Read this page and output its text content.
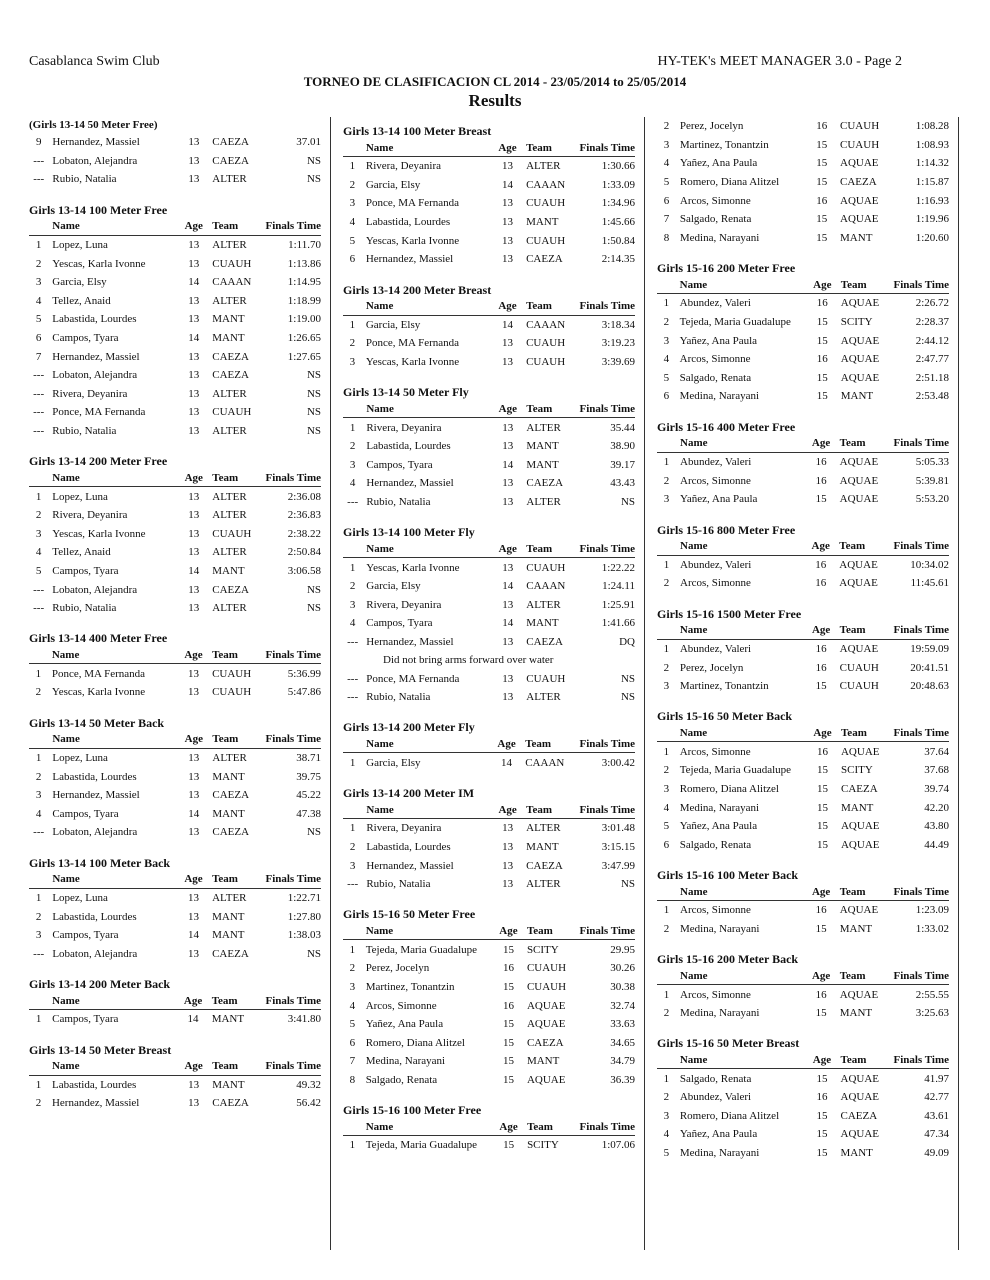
Casablanca Swim Club	HY-TEK's MEET MANAGER 3.0 - Page 2
TORNEO DE CLASIFICACION CL 2014 - 23/05/2014 to 25/05/2014
Results
(Girls 13-14 50 Meter Free)
9	Hernandez, Massiel	13	CAEZA	37.01
---	Lobaton, Alejandra	13	CAEZA	NS
---	Rubio, Natalia	13	ALTER	NS
Girls 13-14 100 Meter Free
	Name	Age	Team	Finals Time
1	Lopez, Luna	13	ALTER	1:11.70
2	Yescas, Karla Ivonne	13	CUAUH	1:13.86
3	Garcia, Elsy	14	CAAAN	1:14.95
4	Tellez, Anaid	13	ALTER	1:18.99
5	Labastida, Lourdes	13	MANT	1:19.00
6	Campos, Tyara	14	MANT	1:26.65
7	Hernandez, Massiel	13	CAEZA	1:27.65
---	Lobaton, Alejandra	13	CAEZA	NS
---	Rivera, Deyanira	13	ALTER	NS
---	Ponce, MA Fernanda	13	CUAUH	NS
---	Rubio, Natalia	13	ALTER	NS
Girls 13-14 200 Meter Free
	Name	Age	Team	Finals Time
1	Lopez, Luna	13	ALTER	2:36.08
2	Rivera, Deyanira	13	ALTER	2:36.83
3	Yescas, Karla Ivonne	13	CUAUH	2:38.22
4	Tellez, Anaid	13	ALTER	2:50.84
5	Campos, Tyara	14	MANT	3:06.58
---	Lobaton, Alejandra	13	CAEZA	NS
---	Rubio, Natalia	13	ALTER	NS
Girls 13-14 400 Meter Free
	Name	Age	Team	Finals Time
1	Ponce, MA Fernanda	13	CUAUH	5:36.99
2	Yescas, Karla Ivonne	13	CUAUH	5:47.86
Girls 13-14 50 Meter Back
	Name	Age	Team	Finals Time
1	Lopez, Luna	13	ALTER	38.71
2	Labastida, Lourdes	13	MANT	39.75
3	Hernandez, Massiel	13	CAEZA	45.22
4	Campos, Tyara	14	MANT	47.38
---	Lobaton, Alejandra	13	CAEZA	NS
Girls 13-14 100 Meter Back
	Name	Age	Team	Finals Time
1	Lopez, Luna	13	ALTER	1:22.71
2	Labastida, Lourdes	13	MANT	1:27.80
3	Campos, Tyara	14	MANT	1:38.03
---	Lobaton, Alejandra	13	CAEZA	NS
Girls 13-14 200 Meter Back
	Name	Age	Team	Finals Time
1	Campos, Tyara	14	MANT	3:41.80
Girls 13-14 50 Meter Breast
	Name	Age	Team	Finals Time
1	Labastida, Lourdes	13	MANT	49.32
2	Hernandez, Massiel	13	CAEZA	56.42
Girls 13-14 100 Meter Breast
	Name	Age	Team	Finals Time
1	Rivera, Deyanira	13	ALTER	1:30.66
2	Garcia, Elsy	14	CAAAN	1:33.09
3	Ponce, MA Fernanda	13	CUAUH	1:34.96
4	Labastida, Lourdes	13	MANT	1:45.66
5	Yescas, Karla Ivonne	13	CUAUH	1:50.84
6	Hernandez, Massiel	13	CAEZA	2:14.35
Girls 13-14 200 Meter Breast
	Name	Age	Team	Finals Time
1	Garcia, Elsy	14	CAAAN	3:18.34
2	Ponce, MA Fernanda	13	CUAUH	3:19.23
3	Yescas, Karla Ivonne	13	CUAUH	3:39.69
Girls 13-14 50 Meter Fly
	Name	Age	Team	Finals Time
1	Rivera, Deyanira	13	ALTER	35.44
2	Labastida, Lourdes	13	MANT	38.90
3	Campos, Tyara	14	MANT	39.17
4	Hernandez, Massiel	13	CAEZA	43.43
---	Rubio, Natalia	13	ALTER	NS
Girls 13-14 100 Meter Fly
	Name	Age	Team	Finals Time
1	Yescas, Karla Ivonne	13	CUAUH	1:22.22
2	Garcia, Elsy	14	CAAAN	1:24.11
3	Rivera, Deyanira	13	ALTER	1:25.91
4	Campos, Tyara	14	MANT	1:41.66
---	Hernandez, Massiel	13	CAEZA	DQ
Did not bring arms forward over water				
---	Ponce, MA Fernanda	13	CUAUH	NS
---	Rubio, Natalia	13	ALTER	NS
Girls 13-14 200 Meter Fly
	Name	Age	Team	Finals Time
1	Garcia, Elsy	14	CAAAN	3:00.42
Girls 13-14 200 Meter IM
	Name	Age	Team	Finals Time
1	Rivera, Deyanira	13	ALTER	3:01.48
2	Labastida, Lourdes	13	MANT	3:15.15
3	Hernandez, Massiel	13	CAEZA	3:47.99
---	Rubio, Natalia	13	ALTER	NS
Girls 15-16 50 Meter Free
	Name	Age	Team	Finals Time
1	Tejeda, Maria Guadalupe	15	SCITY	29.95
2	Perez, Jocelyn	16	CUAUH	30.26
3	Martinez, Tonantzin	15	CUAUH	30.38
4	Arcos, Simonne	16	AQUAE	32.74
5	Yañez, Ana Paula	15	AQUAE	33.63
6	Romero, Diana Alitzel	15	CAEZA	34.65
7	Medina, Narayani	15	MANT	34.79
8	Salgado, Renata	15	AQUAE	36.39
Girls 15-16 100 Meter Free
	Name	Age	Team	Finals Time
1	Tejeda, Maria Guadalupe	15	SCITY	1:07.06
2	Perez, Jocelyn	16	CUAUH	1:08.28
3	Martinez, Tonantzin	15	CUAUH	1:08.93
4	Yañez, Ana Paula	15	AQUAE	1:14.32
5	Romero, Diana Alitzel	15	CAEZA	1:15.87
6	Arcos, Simonne	16	AQUAE	1:16.93
7	Salgado, Renata	15	AQUAE	1:19.96
8	Medina, Narayani	15	MANT	1:20.60
Girls 15-16 200 Meter Free
	Name	Age	Team	Finals Time
1	Abundez, Valeri	16	AQUAE	2:26.72
2	Tejeda, Maria Guadalupe	15	SCITY	2:28.37
3	Yañez, Ana Paula	15	AQUAE	2:44.12
4	Arcos, Simonne	16	AQUAE	2:47.77
5	Salgado, Renata	15	AQUAE	2:51.18
6	Medina, Narayani	15	MANT	2:53.48
Girls 15-16 400 Meter Free
	Name	Age	Team	Finals Time
1	Abundez, Valeri	16	AQUAE	5:05.33
2	Arcos, Simonne	16	AQUAE	5:39.81
3	Yañez, Ana Paula	15	AQUAE	5:53.20
Girls 15-16 800 Meter Free
	Name	Age	Team	Finals Time
1	Abundez, Valeri	16	AQUAE	10:34.02
2	Arcos, Simonne	16	AQUAE	11:45.61
Girls 15-16 1500 Meter Free
	Name	Age	Team	Finals Time
1	Abundez, Valeri	16	AQUAE	19:59.09
2	Perez, Jocelyn	16	CUAUH	20:41.51
3	Martinez, Tonantzin	15	CUAUH	20:48.63
Girls 15-16 50 Meter Back
	Name	Age	Team	Finals Time
1	Arcos, Simonne	16	AQUAE	37.64
2	Tejeda, Maria Guadalupe	15	SCITY	37.68
3	Romero, Diana Alitzel	15	CAEZA	39.74
4	Medina, Narayani	15	MANT	42.20
5	Yañez, Ana Paula	15	AQUAE	43.80
6	Salgado, Renata	15	AQUAE	44.49
Girls 15-16 100 Meter Back
	Name	Age	Team	Finals Time
1	Arcos, Simonne	16	AQUAE	1:23.09
2	Medina, Narayani	15	MANT	1:33.02
Girls 15-16 200 Meter Back
	Name	Age	Team	Finals Time
1	Arcos, Simonne	16	AQUAE	2:55.55
2	Medina, Narayani	15	MANT	3:25.63
Girls 15-16 50 Meter Breast
	Name	Age	Team	Finals Time
1	Salgado, Renata	15	AQUAE	41.97
2	Abundez, Valeri	16	AQUAE	42.77
3	Romero, Diana Alitzel	15	CAEZA	43.61
4	Yañez, Ana Paula	15	AQUAE	47.34
5	Medina, Narayani	15	MANT	49.09
